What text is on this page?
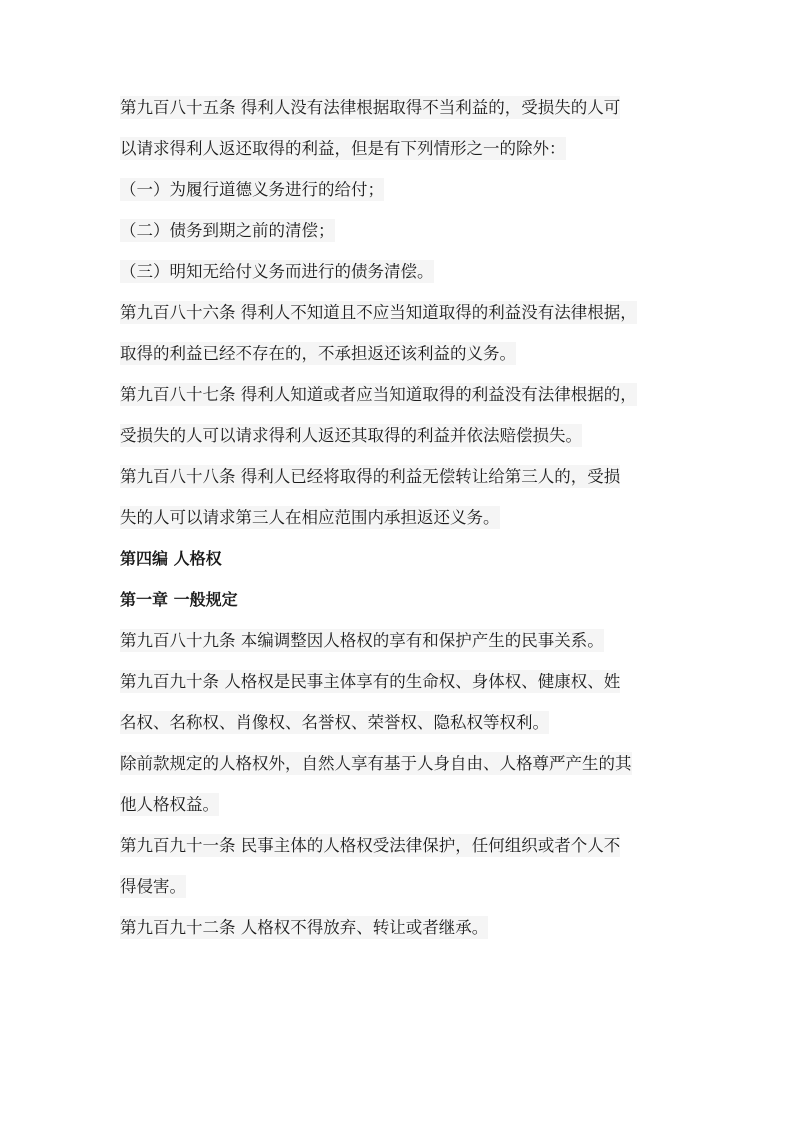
第九百八十五条 得利人没有法律根据取得不当利益的，受损失的人可
以请求得利人返还取得的利益，但是有下列情形之一的除外：
（一）为履行道德义务进行的给付；
（二）债务到期之前的清偿；
（三）明知无给付义务而进行的债务清偿。
第九百八十六条 得利人不知道且不应当知道取得的利益没有法律根据，
取得的利益已经不存在的，不承担返还该利益的义务。
第九百八十七条 得利人知道或者应当知道取得的利益没有法律根据的，
受损失的人可以请求得利人返还其取得的利益并依法赔偿损失。
第九百八十八条 得利人已经将取得的利益无偿转让给第三人的，受损
失的人可以请求第三人在相应范围内承担返还义务。
第四编 人格权
第一章 一般规定
第九百八十九条 本编调整因人格权的享有和保护产生的民事关系。
第九百九十条 人格权是民事主体享有的生命权、身体权、健康权、姓
名权、名称权、肖像权、名誉权、荣誉权、隐私权等权利。
除前款规定的人格权外，自然人享有基于人身自由、人格尊严产生的其
他人格权益。
第九百九十一条 民事主体的人格权受法律保护，任何组织或者个人不
得侵害。
第九百九十二条 人格权不得放弃、转让或者继承。
